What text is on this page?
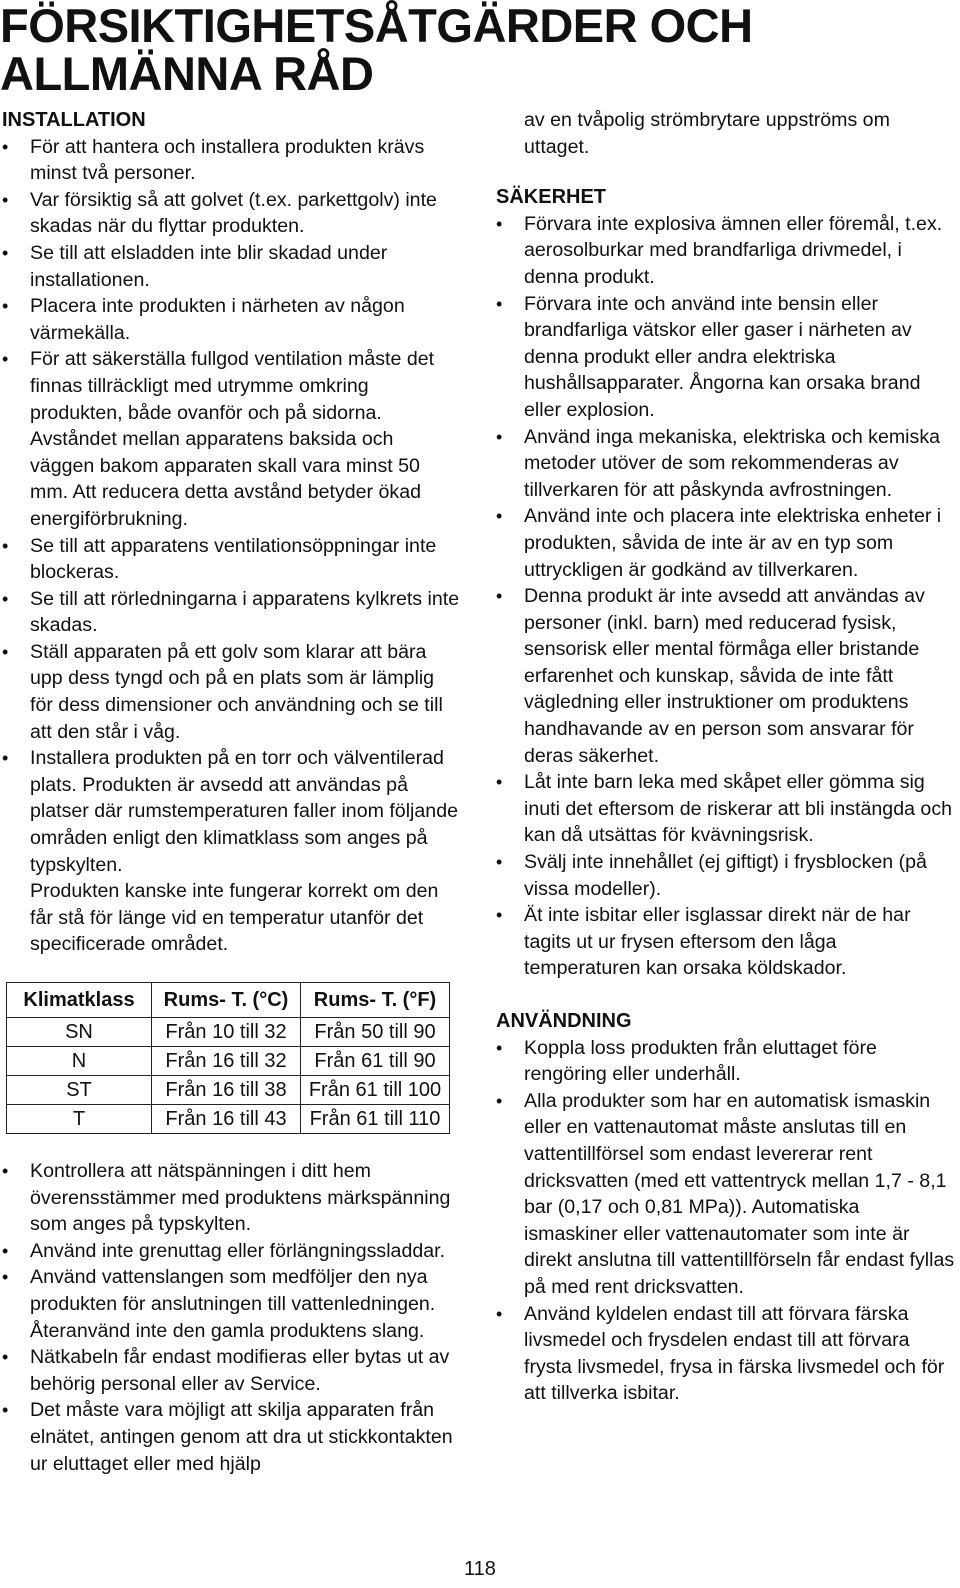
FÖRSIKTIGHETSÅTGÄRDER OCH
ALLMÄNNA RÅD

INSTALLATION

• För att hantera och installera produkten krävs minst två personer.
• Var försiktig så att golvet (t.ex. parkettgolv) inte skadas när du flyttar produkten.
• Se till att elsladden inte blir skadad under installationen.
• Placera inte produkten i närheten av någon värmekälla.
• För att säkerställa fullgod ventilation måste det finnas tillräckligt med utrymme omkring produkten, både ovanför och på sidorna. Avståndet mellan apparatens baksida och väggen bakom apparaten skall vara minst 50 mm. Att reducera detta avstånd betyder ökad energiförbrukning.
• Se till att apparatens ventilationsöppningar inte blockeras.
• Se till att rörledningarna i apparatens kylkrets inte skadas.
• Ställ apparaten på ett golv som klarar att bära upp dess tyngd och på en plats som är lämplig för dess dimensioner och användning och se till att den står i våg.
• Installera produkten på en torr och välventilerad plats. Produkten är avsedd att användas på platser där rumstemperaturen faller inom följande områden enligt den klimatklass som anges på typskylten.

Produkten kanske inte fungerar korrekt om den får stå för länge vid en temperatur utanför det specificerade området.

Klimatklass	Rums- T. (°C)	Rums- T. (°F)
SN	Från 10 till 32	Från 50 till 90
N	Från 16 till 32	Från 61 till 90
ST	Från 16 till 38	Från 61 till 100
T	Från 16 till 43	Från 61 till 110
• Kontrollera att nätspänningen i ditt hem överensstämmer med produktens märkspänning som anges på typskylten.
• Använd inte grenuttag eller förlängningssladdar.
• Använd vattenslangen som medföljer den nya produkten för anslutningen till vattenledningen. Återanvänd inte den gamla produktens slang.
• Nätkabeln får endast modifieras eller bytas ut av behörig personal eller av Service.
• Det måste vara möjligt att skilja apparaten från elnätet, antingen genom att dra ut stickkontakten ur eluttaget eller med hjälp

av en tvåpolig strömbrytare uppströms om uttaget.

SÄKERHET

• Förvara inte explosiva ämnen eller föremål, t.ex. aerosolburkar med brandfarliga drivmedel, i denna produkt.
• Förvara inte och använd inte bensin eller brandfarliga vätskor eller gaser i närheten av denna produkt eller andra elektriska hushållsapparater. Ångorna kan orsaka brand eller explosion.
• Använd inga mekaniska, elektriska och kemiska metoder utöver de som rekommenderas av tillverkaren för att påskynda avfrostningen.
• Använd inte och placera inte elektriska enheter i produkten, såvida de inte är av en typ som uttryckligen är godkänd av tillverkaren.
• Denna produkt är inte avsedd att användas av personer (inkl. barn) med reducerad fysisk, sensorisk eller mental förmåga eller bristande erfarenhet och kunskap, såvida de inte fått vägledning eller instruktioner om produktens handhavande av en person som ansvarar för deras säkerhet.
• Låt inte barn leka med skåpet eller gömma sig inuti det eftersom de riskerar att bli instängda och kan då utsättas för kvävningsrisk.
• Svälj inte innehållet (ej giftigt) i frysblocken (på vissa modeller).
• Ät inte isbitar eller isglassar direkt när de har tagits ut ur frysen eftersom den låga temperaturen kan orsaka köldskador.

ANVÄNDNING

• Koppla loss produkten från eluttaget före rengöring eller underhåll.
• Alla produkter som har en automatisk ismaskin eller en vattenautomat måste anslutas till en vattentillförsel som endast levererar rent dricksvatten (med ett vattentryck mellan 1,7 - 8,1 bar (0,17 och 0,81 MPa)). Automatiska ismaskiner eller vattenautomater som inte är direkt anslutna till vattentillförseln får endast fyllas på med rent dricksvatten.
• Använd kyldelen endast till att förvara färska livsmedel och frysdelen endast till att förvara frysta livsmedel, frysa in färska livsmedel och för att tillverka isbitar.
118
